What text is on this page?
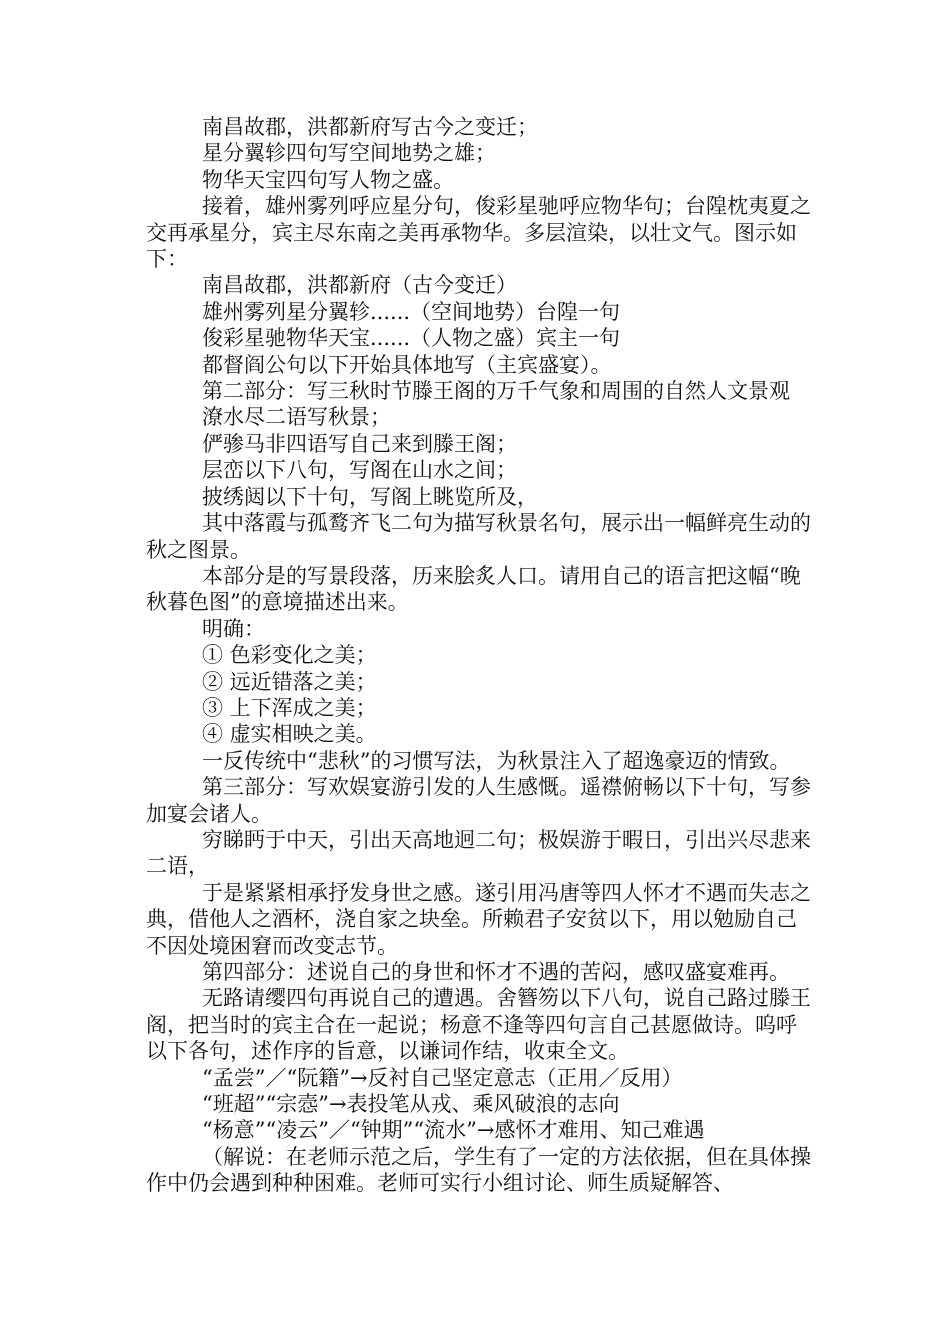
南昌故郡，洪都新府写古今之变迁；

星分翼轸四句写空间地势之雄；

物华天宝四句写人物之盛。

接着，雄州雾列呼应星分句，俊彩星驰呼应物华句；台隍枕夷夏之交再承星分，宾主尽东南之美再承物华。多层渲染，以壮文气。图示如下：

南昌故郡，洪都新府（古今变迁）

雄州雾列星分翼轸......（空间地势）台隍一句

俊彩星驰物华天宝......（人物之盛）宾主一句

都督阎公句以下开始具体地写（主宾盛宴）。

第二部分：写三秋时节滕王阁的万千气象和周围的自然人文景观

潦水尽二语写秋景；

俨骖马非四语写自己来到滕王阁；

层峦以下八句，写阁在山水之间；

披绣闼以下十句，写阁上眺览所及，

其中落霞与孤鹜齐飞二句为描写秋景名句，展示出一幅鲜亮生动的秋之图景。

本部分是的写景段落，历来脍炙人口。请用自己的语言把这幅“晚秋暮色图”的意境描述出来。

明确：

① 色彩变化之美；

② 远近错落之美；

③ 上下浑成之美；

④ 虚实相映之美。

一反传统中“悲秋”的习惯写法，为秋景注入了超逸豪迈的情致。

第三部分：写欢娱宴游引发的人生感慨。遥襟俯畅以下十句，写参加宴会诸人。

穷睇眄于中天，引出天高地迥二句；极娱游于暇日，引出兴尽悲来二语，

于是紧紧相承抒发身世之感。遂引用冯唐等四人怀才不遇而失志之典，借他人之酒杯，浇自家之块垒。所赖君子安贫以下，用以勉励自己不因处境困窘而改变志节。

第四部分：述说自己的身世和怀才不遇的苦闷，感叹盛宴难再。

无路请缨四句再说自己的遭遇。舍簪笏以下八句，说自己路过滕王阁，把当时的宾主合在一起说；杨意不逢等四句言自己甚愿做诗。呜呼以下各句，述作序的旨意，以谦词作结，收束全文。

“孟尝”／“阮籍”→反衬自己坚定意志（正用／反用）

“班超”“宗悫”→表投笔从戎、乘风破浪的志向

“杨意”“凌云”／“钟期”“流水”→感怀才难用、知己难遇

（解说：在老师示范之后，学生有了一定的方法依据，但在具体操作中仍会遇到种种困难。老师可实行小组讨论、师生质疑解答、
